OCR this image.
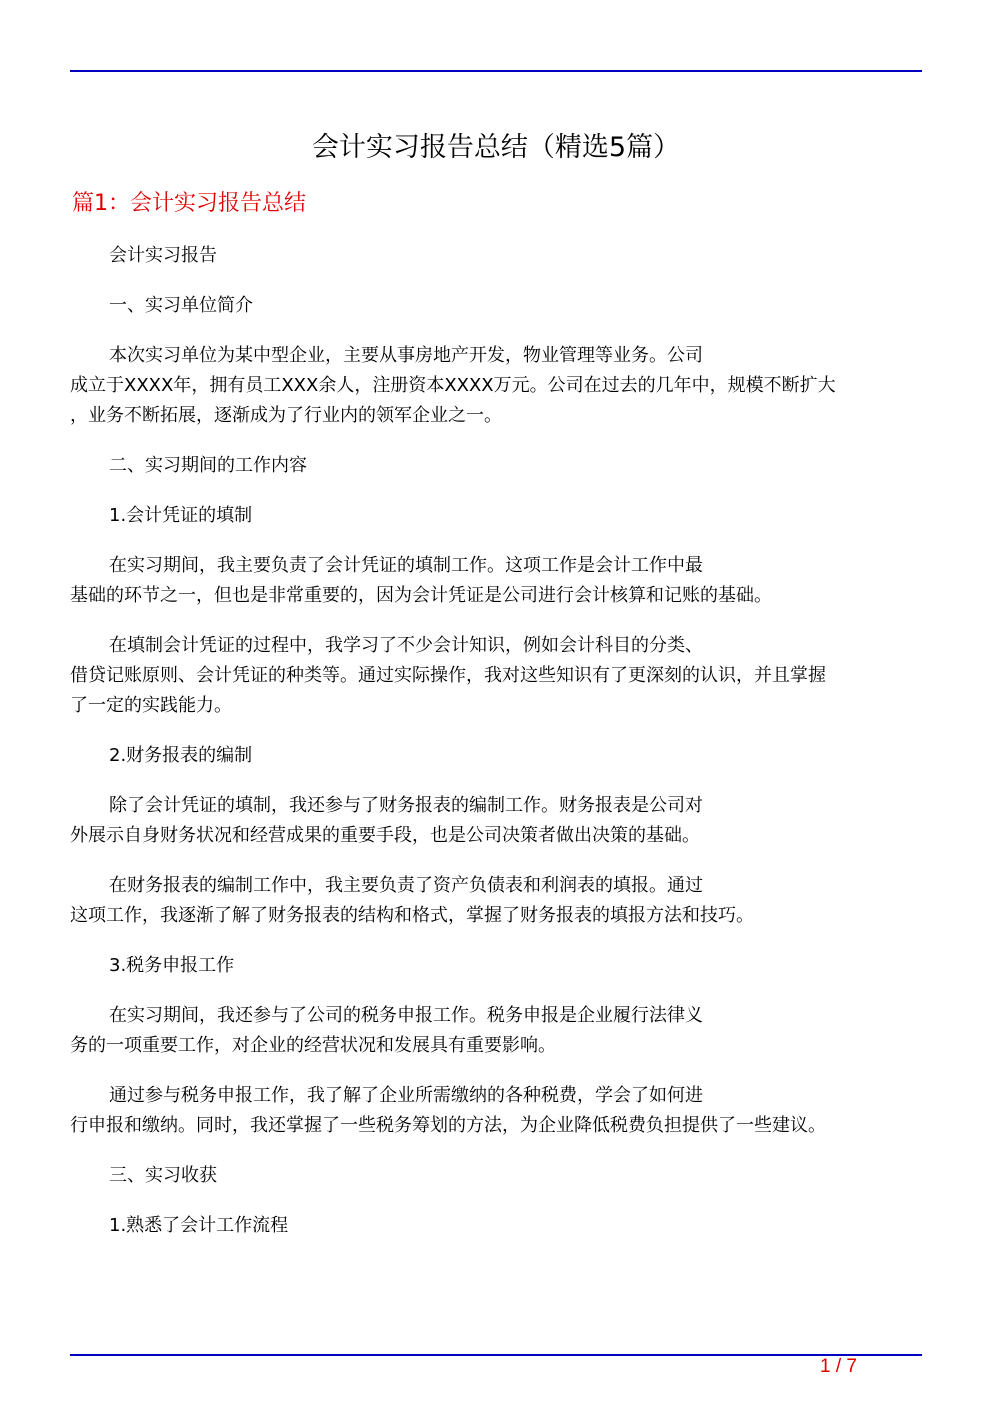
会计实习报告总结（精选5篇）
篇1：会计实习报告总结
会计实习报告
一、实习单位简介
本次实习单位为某中型企业，主要从事房地产开发，物业管理等业务。公司
成立于XXXX年，拥有员工XXX余人，注册资本XXXX万元。公司在过去的几年中，规模不断扩大
，业务不断拓展，逐渐成为了行业内的领军企业之一。
二、实习期间的工作内容
1.会计凭证的填制
在实习期间，我主要负责了会计凭证的填制工作。这项工作是会计工作中最
基础的环节之一，但也是非常重要的，因为会计凭证是公司进行会计核算和记账的基础。
在填制会计凭证的过程中，我学习了不少会计知识，例如会计科目的分类、
借贷记账原则、会计凭证的种类等。通过实际操作，我对这些知识有了更深刻的认识，并且掌握
了一定的实践能力。
2.财务报表的编制
除了会计凭证的填制，我还参与了财务报表的编制工作。财务报表是公司对
外展示自身财务状况和经营成果的重要手段，也是公司决策者做出决策的基础。
在财务报表的编制工作中，我主要负责了资产负债表和利润表的填报。通过
这项工作，我逐渐了解了财务报表的结构和格式，掌握了财务报表的填报方法和技巧。
3.税务申报工作
在实习期间，我还参与了公司的税务申报工作。税务申报是企业履行法律义
务的一项重要工作，对企业的经营状况和发展具有重要影响。
通过参与税务申报工作，我了解了企业所需缴纳的各种税费，学会了如何进
行申报和缴纳。同时，我还掌握了一些税务筹划的方法，为企业降低税费负担提供了一些建议。
三、实习收获
1.熟悉了会计工作流程
1 / 7
